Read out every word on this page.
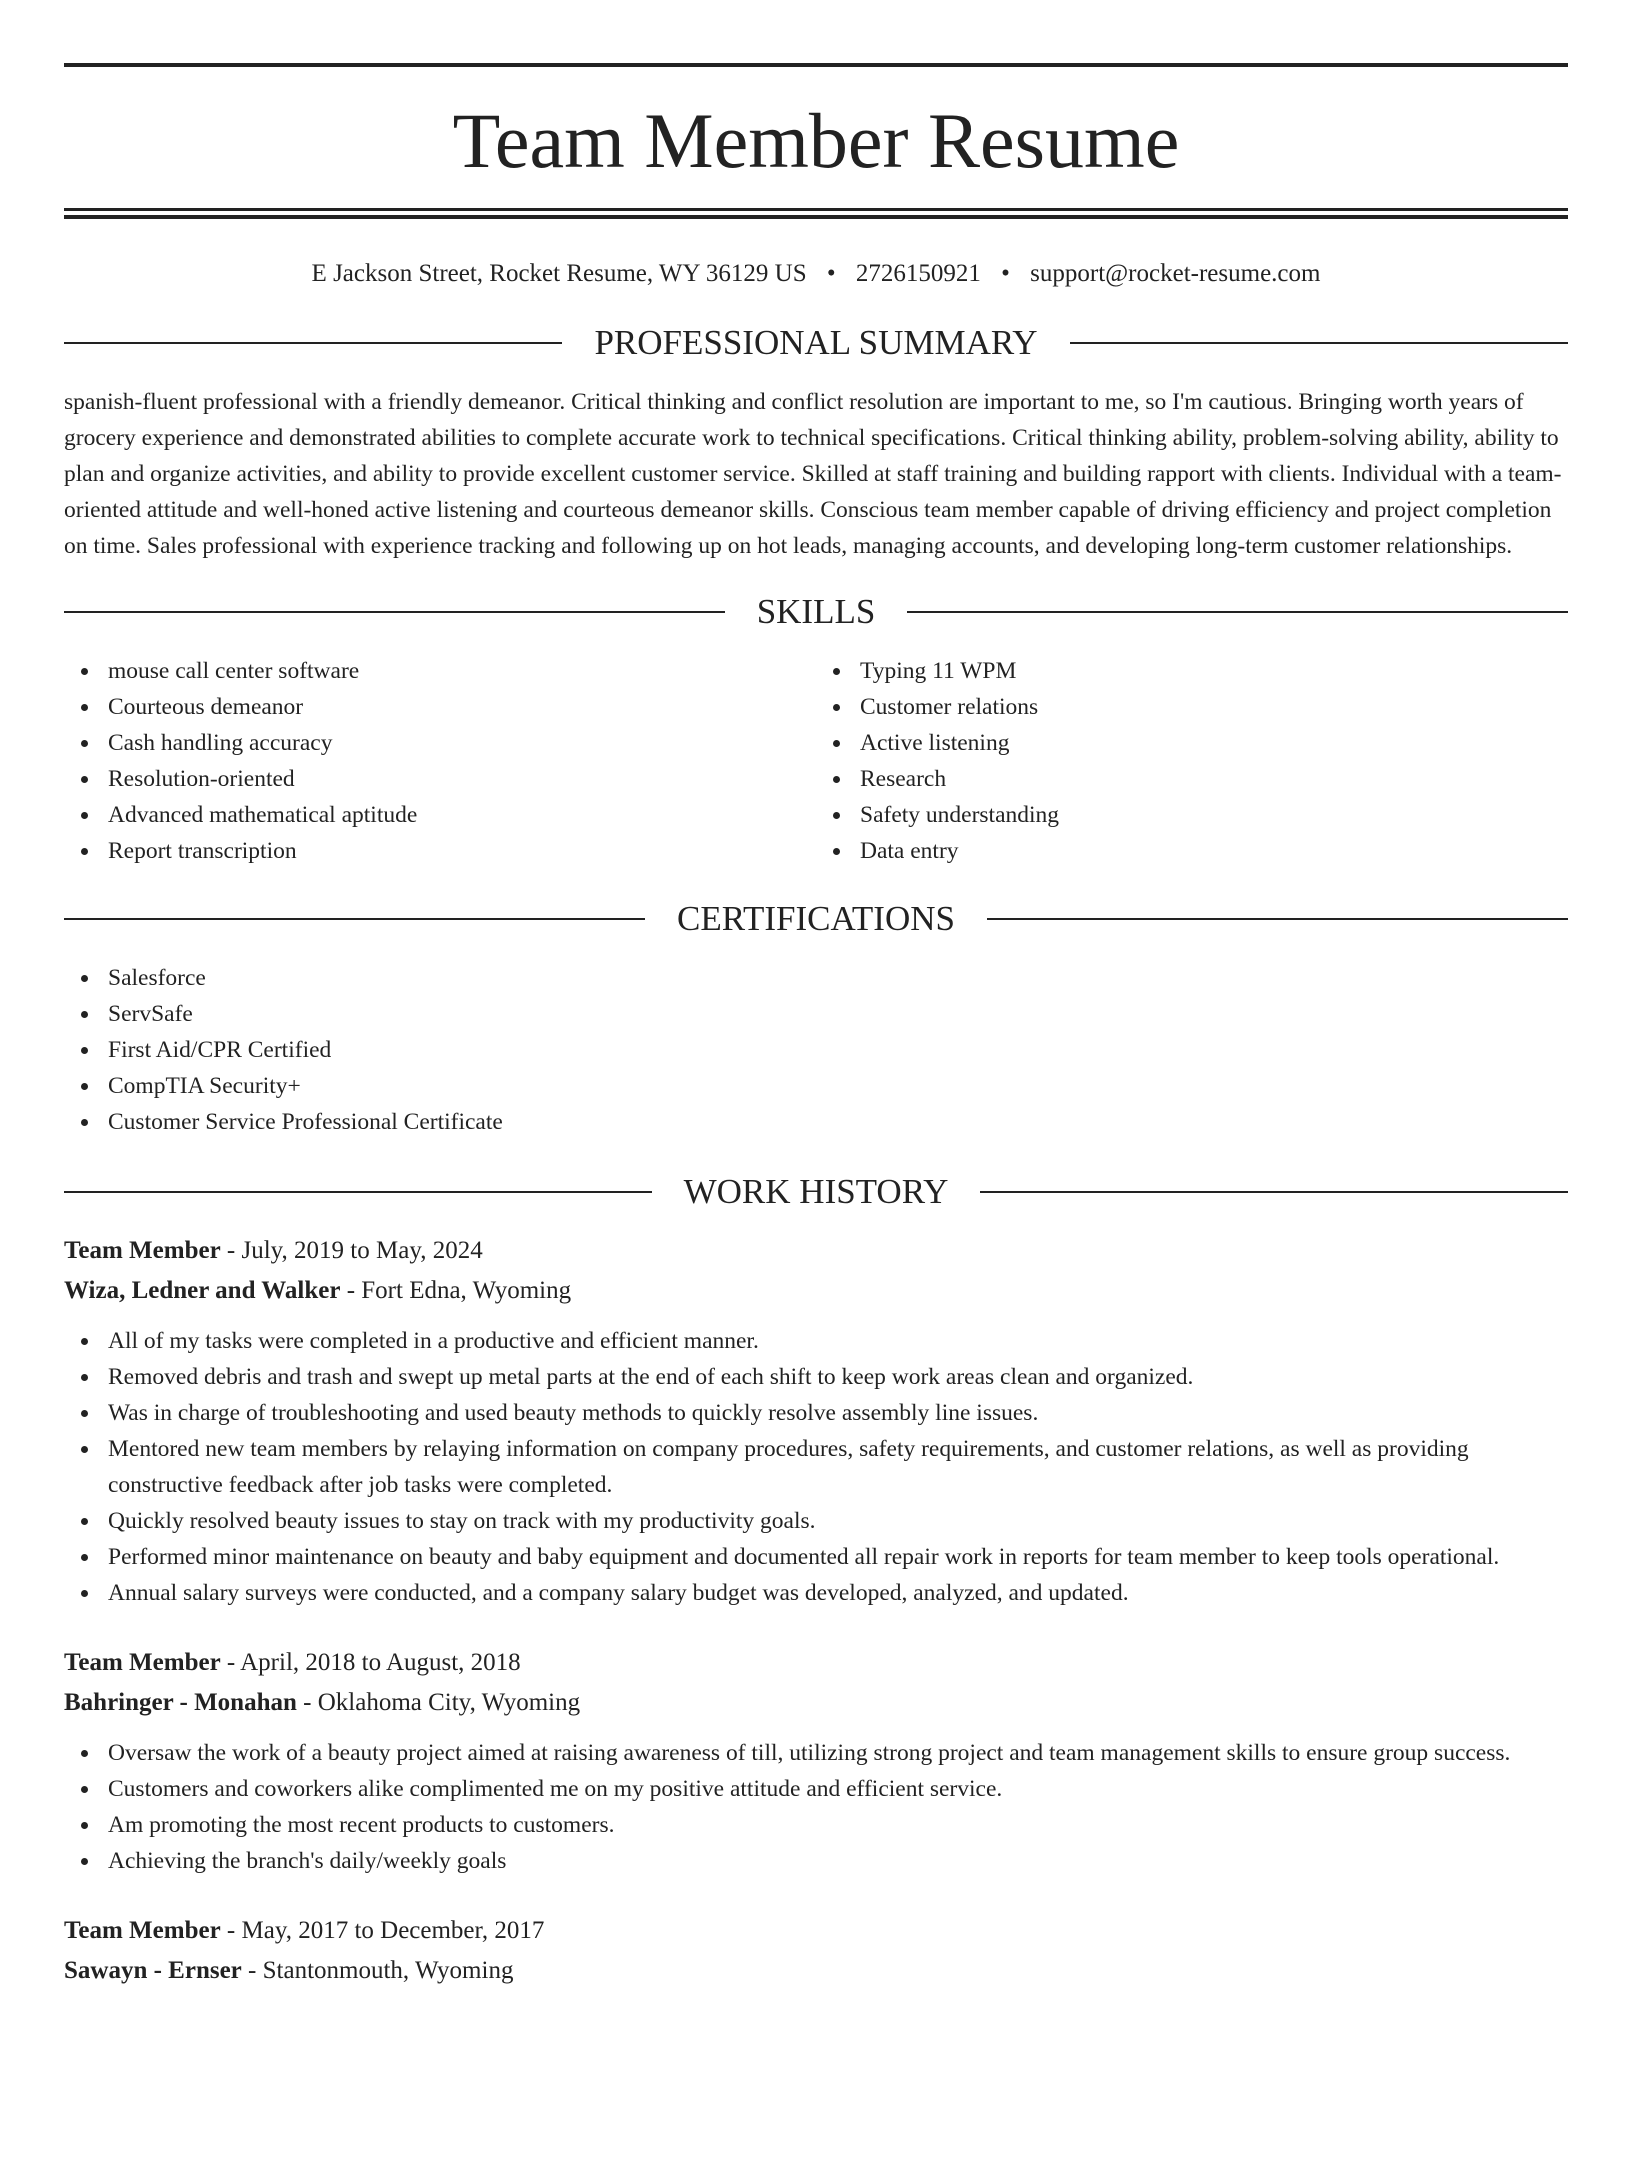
Team Member Resume
E Jackson Street, Rocket Resume, WY 36129 US • 2726150921 • support@rocket-resume.com
PROFESSIONAL SUMMARY

spanish-fluent professional with a friendly demeanor. Critical thinking and conflict resolution are important to me, so I'm cautious. Bringing worth years of grocery experience and demonstrated abilities to complete accurate work to technical specifications. Critical thinking ability, problem-solving ability, ability to plan and organize activities, and ability to provide excellent customer service. Skilled at staff training and building rapport with clients. Individual with a team-oriented attitude and well-honed active listening and courteous demeanor skills. Conscious team member capable of driving efficiency and project completion on time. Sales professional with experience tracking and following up on hot leads, managing accounts, and developing long-term customer relationships.

SKILLS
mouse call center software
Courteous demeanor
Cash handling accuracy
Resolution-oriented
Advanced mathematical aptitude
Report transcription
Typing 11 WPM
Customer relations
Active listening
Research
Safety understanding
Data entry
CERTIFICATIONS
Salesforce
ServSafe
First Aid/CPR Certified
CompTIA Security+
Customer Service Professional Certificate
WORK HISTORY

Team Member - July, 2019 to May, 2024

Wiza, Ledner and Walker - Fort Edna, Wyoming

All of my tasks were completed in a productive and efficient manner.
Removed debris and trash and swept up metal parts at the end of each shift to keep work areas clean and organized.
Was in charge of troubleshooting and used beauty methods to quickly resolve assembly line issues.
Mentored new team members by relaying information on company procedures, safety requirements, and customer relations, as well as providing constructive feedback after job tasks were completed.
Quickly resolved beauty issues to stay on track with my productivity goals.
Performed minor maintenance on beauty and baby equipment and documented all repair work in reports for team member to keep tools operational.
Annual salary surveys were conducted, and a company salary budget was developed, analyzed, and updated.

Team Member - April, 2018 to August, 2018

Bahringer - Monahan - Oklahoma City, Wyoming

Oversaw the work of a beauty project aimed at raising awareness of till, utilizing strong project and team management skills to ensure group success.
Customers and coworkers alike complimented me on my positive attitude and efficient service.
Am promoting the most recent products to customers.
Achieving the branch's daily/weekly goals

Team Member - May, 2017 to December, 2017

Sawayn - Ernser - Stantonmouth, Wyoming
